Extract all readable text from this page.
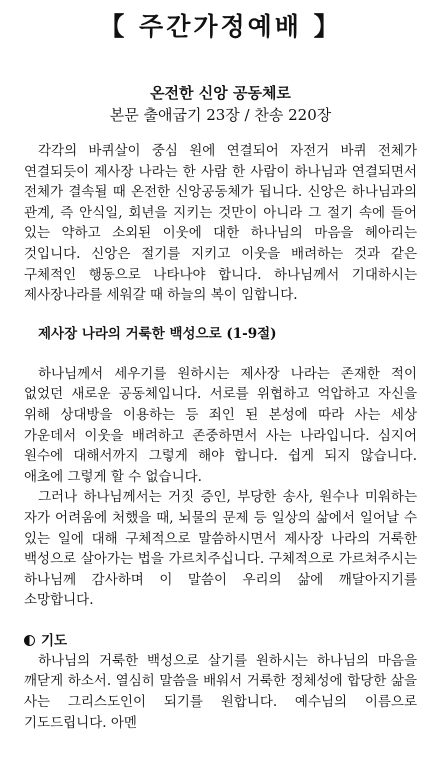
【 주간가정예배 】
온전한 신앙 공동체로
본문 출애굽기 23장 / 찬송 220장

각각의 바퀴살이 중심 원에 연결되어 자전거 바퀴 전체가 연결되듯이 제사장 나라는 한 사람 한 사람이 하나님과 연결되면서 전체가 결속될 때 온전한 신앙공동체가 됩니다. 신앙은 하나님과의 관계, 즉 안식일, 회년을 지키는 것만이 아니라 그 절기 속에 들어 있는 약하고 소외된 이웃에 대한 하나님의 마음을 헤아리는 것입니다. 신앙은 절기를 지키고 이웃을 배려하는 것과 같은 구체적인 행동으로 나타나야 합니다. 하나님께서 기대하시는 제사장나라를 세워갈 때 하늘의 복이 임합니다.

제사장 나라의 거룩한 백성으로 (1-9절)

하나님께서 세우기를 원하시는 제사장 나라는 존재한 적이 없었던 새로운 공동체입니다. 서로를 위협하고 억압하고 자신을 위해 상대방을 이용하는 등 죄인 된 본성에 따라 사는 세상 가운데서 이웃을 배려하고 존중하면서 사는 나라입니다. 심지어 원수에 대해서까지 그렇게 해야 합니다. 쉽게 되지 않습니다. 애초에 그렇게 할 수 없습니다.

그러나 하나님께서는 거짓 증인, 부당한 송사, 원수나 미워하는 자가 어려움에 처했을 때, 뇌물의 문제 등 일상의 삶에서 일어날 수 있는 일에 대해 구체적으로 말씀하시면서 제사장 나라의 거룩한 백성으로 살아가는 법을 가르치주십니다. 구체적으로 가르쳐주시는 하나님께 감사하며 이 말씀이 우리의 삶에 깨달아지기를 소망합니다.

기도

하나님의 거룩한 백성으로 살기를 원하시는 하나님의 마음을 깨닫게 하소서. 열심히 말씀을 배워서 거룩한 정체성에 합당한 삶을 사는 그리스도인이 되기를 원합니다. 예수님의 이름으로 기도드립니다. 아멘
